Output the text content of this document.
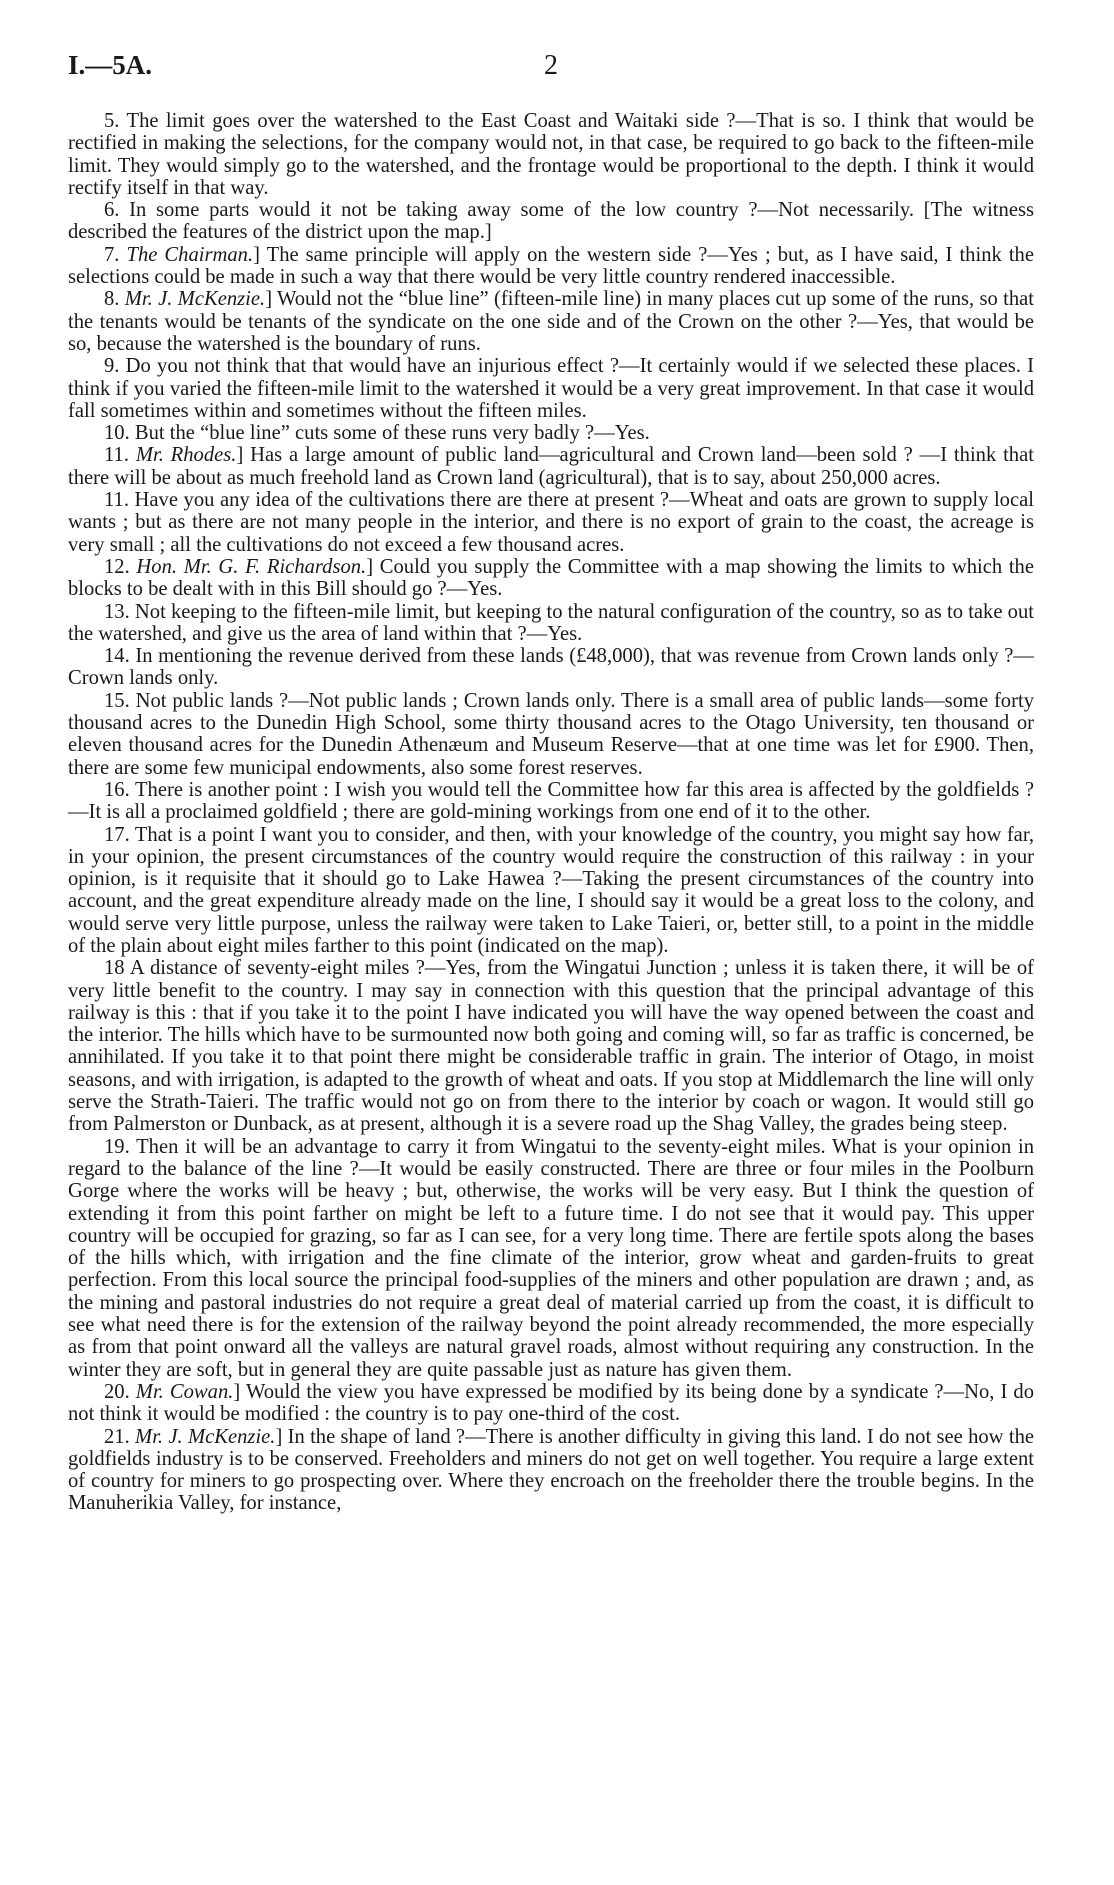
I.—5A.	2

5. The limit goes over the watershed to the East Coast and Waitaki side ?—That is so. I think that would be rectified in making the selections, for the company would not, in that case, be required to go back to the fifteen-mile limit. They would simply go to the watershed, and the frontage would be proportional to the depth. I think it would rectify itself in that way.

6. In some parts would it not be taking away some of the low country ?—Not necessarily. [The witness described the features of the district upon the map.]

7. The Chairman.] The same principle will apply on the western side ?—Yes ; but, as I have said, I think the selections could be made in such a way that there would be very little country rendered inaccessible.

8. Mr. J. McKenzie.] Would not the “blue line” (fifteen-mile line) in many places cut up some of the runs, so that the tenants would be tenants of the syndicate on the one side and of the Crown on the other ?—Yes, that would be so, because the watershed is the boundary of runs.

9. Do you not think that that would have an injurious effect ?—It certainly would if we selected these places. I think if you varied the fifteen-mile limit to the watershed it would be a very great improvement. In that case it would fall sometimes within and sometimes without the fifteen miles.

10. But the “blue line” cuts some of these runs very badly ?—Yes.

11. Mr. Rhodes.] Has a large amount of public land—agricultural and Crown land—been sold ? —I think that there will be about as much freehold land as Crown land (agricultural), that is to say, about 250,000 acres.

11. Have you any idea of the cultivations there are there at present ?—Wheat and oats are grown to supply local wants ; but as there are not many people in the interior, and there is no export of grain to the coast, the acreage is very small ; all the cultivations do not exceed a few thousand acres.

12. Hon. Mr. G. F. Richardson.] Could you supply the Committee with a map showing the limits to which the blocks to be dealt with in this Bill should go ?—Yes.

13. Not keeping to the fifteen-mile limit, but keeping to the natural configuration of the country, so as to take out the watershed, and give us the area of land within that ?—Yes.

14. In mentioning the revenue derived from these lands (£48,000), that was revenue from Crown lands only ?—Crown lands only.

15. Not public lands ?—Not public lands ; Crown lands only. There is a small area of public lands—some forty thousand acres to the Dunedin High School, some thirty thousand acres to the Otago University, ten thousand or eleven thousand acres for the Dunedin Athenæum and Museum Reserve—that at one time was let for £900. Then, there are some few municipal endowments, also some forest reserves.

16. There is another point : I wish you would tell the Committee how far this area is affected by the goldfields ?—It is all a proclaimed goldfield ; there are gold-mining workings from one end of it to the other.

17. That is a point I want you to consider, and then, with your knowledge of the country, you might say how far, in your opinion, the present circumstances of the country would require the construction of this railway : in your opinion, is it requisite that it should go to Lake Hawea ?—Taking the present circumstances of the country into account, and the great expenditure already made on the line, I should say it would be a great loss to the colony, and would serve very little purpose, unless the railway were taken to Lake Taieri, or, better still, to a point in the middle of the plain about eight miles farther to this point (indicated on the map).

18 A distance of seventy-eight miles ?—Yes, from the Wingatui Junction ; unless it is taken there, it will be of very little benefit to the country. I may say in connection with this question that the principal advantage of this railway is this : that if you take it to the point I have indicated you will have the way opened between the coast and the interior. The hills which have to be surmounted now both going and coming will, so far as traffic is concerned, be annihilated. If you take it to that point there might be considerable traffic in grain. The interior of Otago, in moist seasons, and with irrigation, is adapted to the growth of wheat and oats. If you stop at Middlemarch the line will only serve the Strath-Taieri. The traffic would not go on from there to the interior by coach or wagon. It would still go from Palmerston or Dunback, as at present, although it is a severe road up the Shag Valley, the grades being steep.

19. Then it will be an advantage to carry it from Wingatui to the seventy-eight miles. What is your opinion in regard to the balance of the line ?—It would be easily constructed. There are three or four miles in the Poolburn Gorge where the works will be heavy ; but, otherwise, the works will be very easy. But I think the question of extending it from this point farther on might be left to a future time. I do not see that it would pay. This upper country will be occupied for grazing, so far as I can see, for a very long time. There are fertile spots along the bases of the hills which, with irrigation and the fine climate of the interior, grow wheat and garden-fruits to great perfection. From this local source the principal food-supplies of the miners and other population are drawn ; and, as the mining and pastoral industries do not require a great deal of material carried up from the coast, it is difficult to see what need there is for the extension of the railway beyond the point already recommended, the more especially as from that point onward all the valleys are natural gravel roads, almost without requiring any construction. In the winter they are soft, but in general they are quite passable just as nature has given them.

20. Mr. Cowan.] Would the view you have expressed be modified by its being done by a syndicate ?—No, I do not think it would be modified : the country is to pay one-third of the cost.

21. Mr. J. McKenzie.] In the shape of land ?—There is another difficulty in giving this land. I do not see how the goldfields industry is to be conserved. Freeholders and miners do not get on well together. You require a large extent of country for miners to go prospecting over. Where they encroach on the freeholder there the trouble begins. In the Manuherikia Valley, for instance,
